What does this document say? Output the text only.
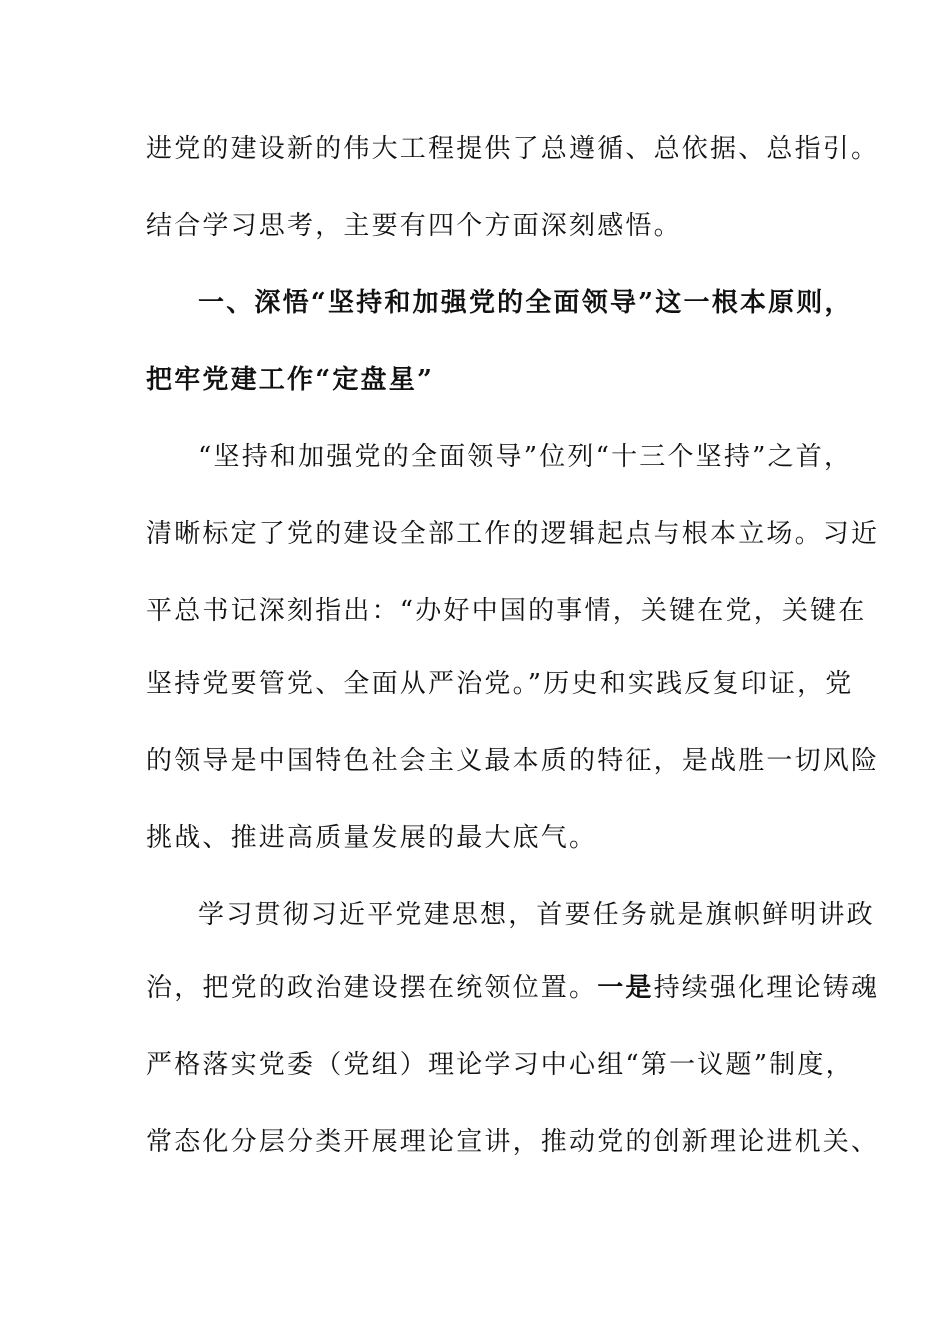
进党的建设新的伟大工程提供了总遵循、总依据、总指引。
结合学习思考，主要有四个方面深刻感悟。
一、深悟“坚持和加强党的全面领导”这一根本原则，
把牢党建工作“定盘星”
“坚持和加强党的全面领导”位列“十三个坚持”之首，
清晰标定了党的建设全部工作的逻辑起点与根本立场。习近
平总书记深刻指出：“办好中国的事情，关键在党，关键在
坚持党要管党、全面从严治党。”历史和实践反复印证，党
的领导是中国特色社会主义最本质的特征，是战胜一切风险
挑战、推进高质量发展的最大底气。
学习贯彻习近平党建思想，首要任务就是旗帜鲜明讲政
治，把党的政治建设摆在统领位置。一是持续强化理论铸魂
严格落实党委（党组）理论学习中心组“第一议题”制度，
常态化分层分类开展理论宣讲，推动党的创新理论进机关、
